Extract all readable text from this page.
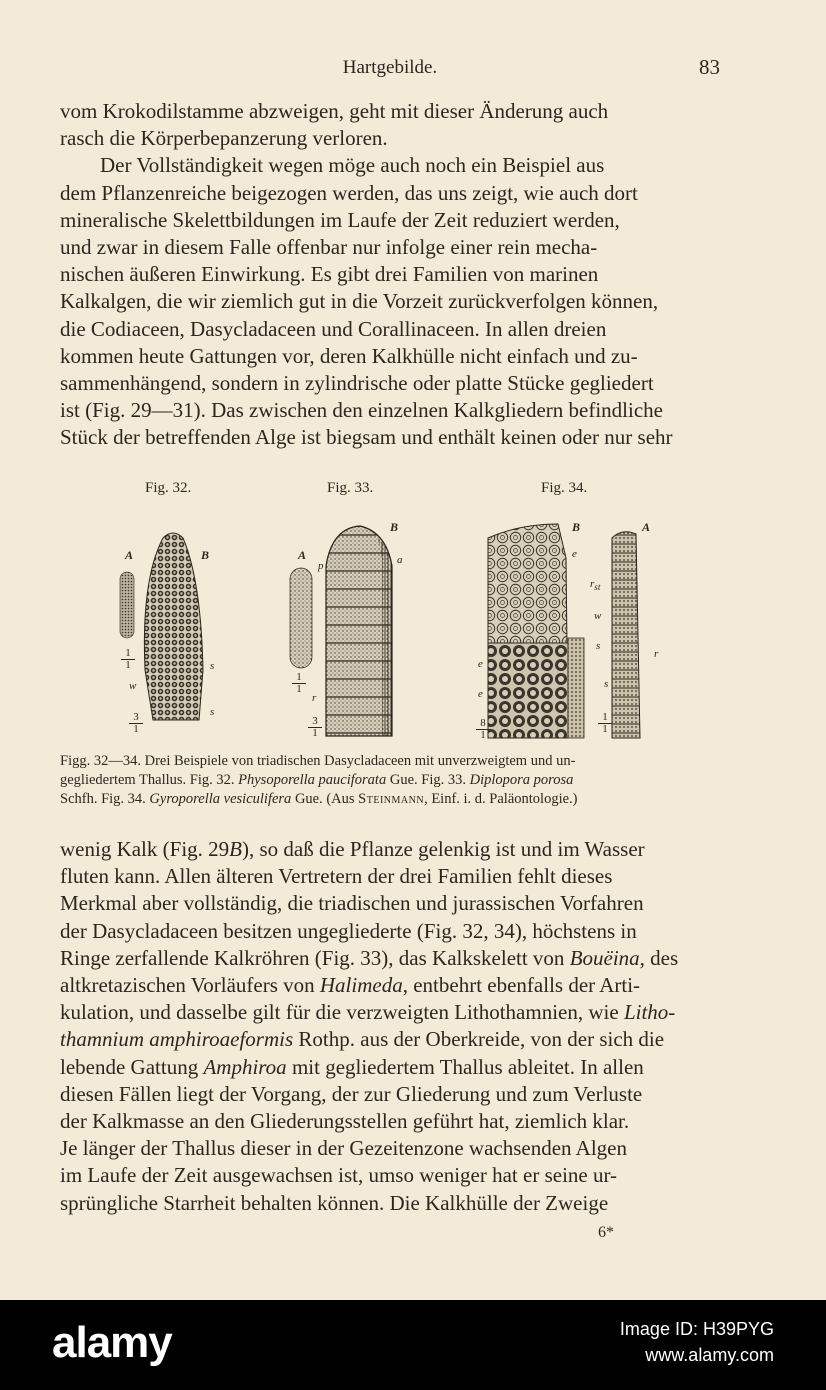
Hartgebilde.	83

vom Krokodilstamme abzweigen, geht mit dieser Änderung auch

rasch die Körperbepanzerung verloren.

Der Vollständigkeit wegen möge auch noch ein Beispiel aus

dem Pflanzenreiche beigezogen werden, das uns zeigt, wie auch dort

mineralische Skelettbildungen im Laufe der Zeit reduziert werden,

und zwar in diesem Falle offenbar nur infolge einer rein mecha-

nischen äußeren Einwirkung. Es gibt drei Familien von marinen

Kalkalgen, die wir ziemlich gut in die Vorzeit zurückverfolgen können,

die Codiaceen, Dasycladaceen und Corallinaceen. In allen dreien

kommen heute Gattungen vor, deren Kalkhülle nicht einfach und zu-

sammenhängend, sondern in zylindrische oder platte Stücke gegliedert

ist (Fig. 29—31). Das zwischen den einzelnen Kalkgliedern befindliche

Stück der betreffenden Alge ist biegsam und enthält keinen oder nur sehr

Fig. 32.	Fig. 33.	Fig. 34.
A	B
s
w
s
$\frac{1}{1}$
$\frac{3}{1}$
B
A
p	a
r
$\frac{1}{1}$
$\frac{3}{1}$
B	A
e
$r_{st}$
w
s
e
e
s
r
$\frac{8}{1}$	$\frac{1}{1}$

Figg. 32—34. Drei Beispiele von triadischen Dasycladaceen mit unverzweigtem und un-

gegliedertem Thallus. Fig. 32. Physoporella pauciforata Gue. Fig. 33. Diplopora porosa

Schfh. Fig. 34. Gyroporella vesiculifera Gue. (Aus Steinmann, Einf. i. d. Paläontologie.)

wenig Kalk (Fig. 29B), so daß die Pflanze gelenkig ist und im Wasser

fluten kann. Allen älteren Vertretern der drei Familien fehlt dieses

Merkmal aber vollständig, die triadischen und jurassischen Vorfahren

der Dasycladaceen besitzen ungegliederte (Fig. 32, 34), höchstens in

Ringe zerfallende Kalkröhren (Fig. 33), das Kalkskelett von Bouëina, des

altkretazischen Vorläufers von Halimeda, entbehrt ebenfalls der Arti-

kulation, und dasselbe gilt für die verzweigten Lithothamnien, wie Litho-

thamnium amphiroaeformis Rothp. aus der Oberkreide, von der sich die

lebende Gattung Amphiroa mit gegliedertem Thallus ableitet. In allen

diesen Fällen liegt der Vorgang, der zur Gliederung und zum Verluste

der Kalkmasse an den Gliederungsstellen geführt hat, ziemlich klar.

Je länger der Thallus dieser in der Gezeitenzone wachsenden Algen

im Laufe der Zeit ausgewachsen ist, umso weniger hat er seine ur-

sprüngliche Starrheit behalten können. Die Kalkhülle der Zweige

6*
alamy	Image ID: H39PYG
www.alamy.com
